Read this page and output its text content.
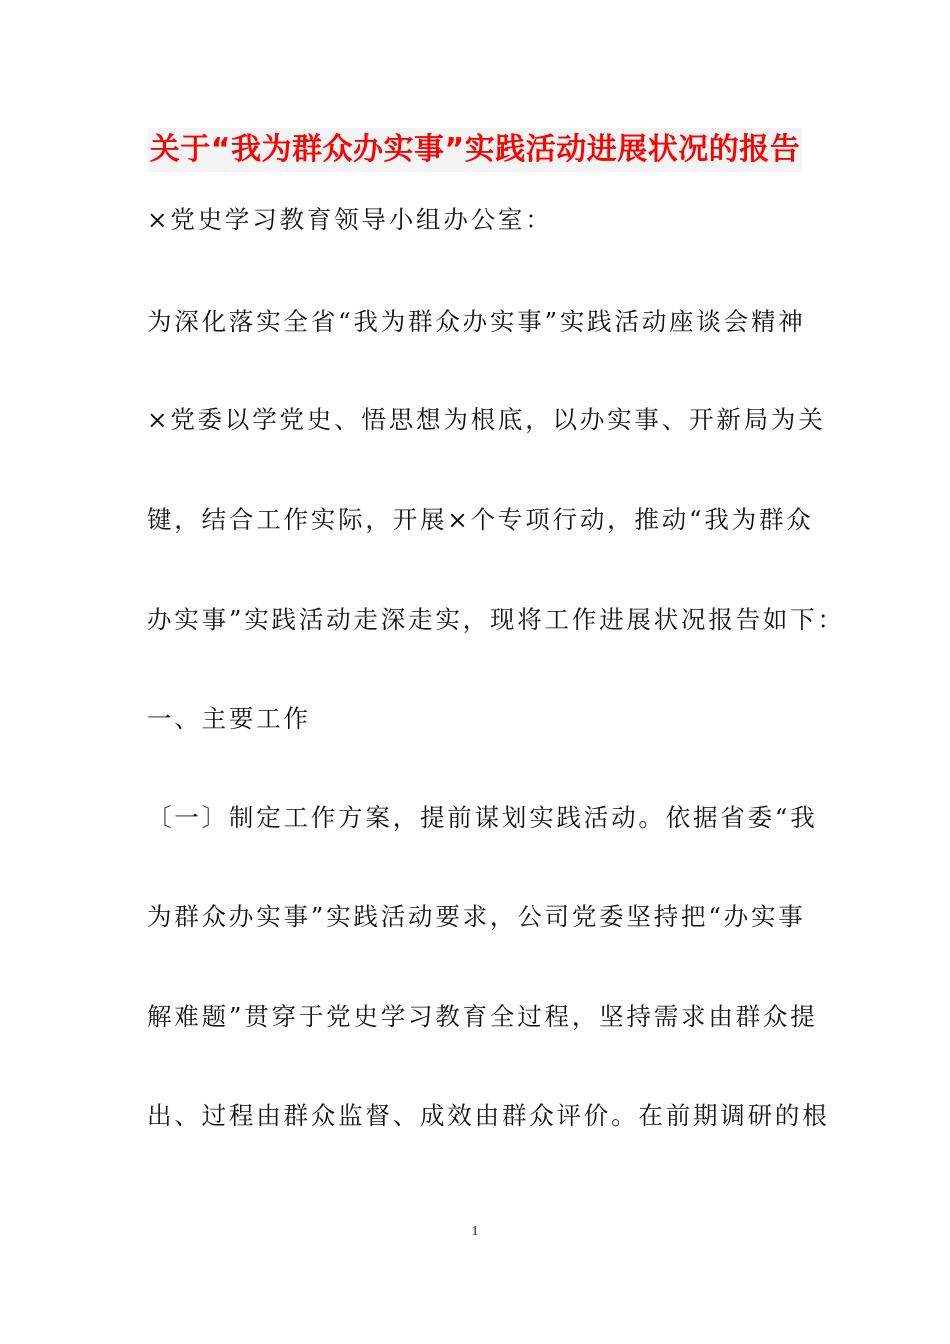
关于“我为群众办实事”实践活动进展状况的报告
×党史学习教育领导小组办公室：
为深化落实全省“我为群众办实事”实践活动座谈会精神
×党委以学党史、悟思想为根底，以办实事、开新局为关
键，结合工作实际，开展×个专项行动，推动“我为群众
办实事”实践活动走深走实，现将工作进展状况报告如下：
一、主要工作
〔一〕制定工作方案，提前谋划实践活动。依据省委“我
为群众办实事”实践活动要求，公司党委坚持把“办实事
解难题”贯穿于党史学习教育全过程，坚持需求由群众提
出、过程由群众监督、成效由群众评价。在前期调研的根
1
